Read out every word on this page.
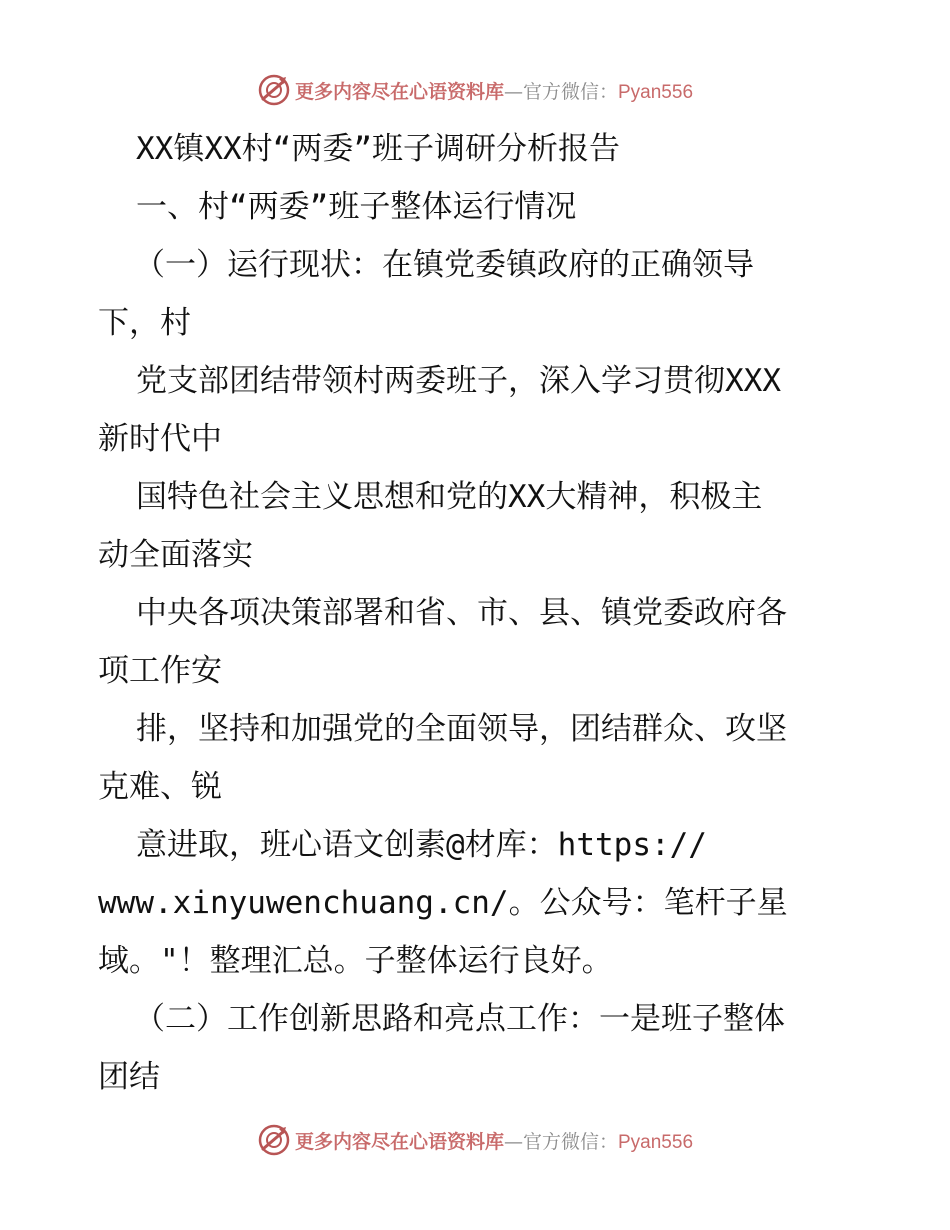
更多内容尽在心语资料库—官方微信：Pyan556
XX镇XX村“两委”班子调研分析报告
一、村“两委”班子整体运行情况
（一）运行现状：在镇党委镇政府的正确领导
下，村
党支部团结带领村两委班子，深入学习贯彻XXX
新时代中
国特色社会主义思想和党的XX大精神，积极主
动全面落实
中央各项决策部署和省、市、县、镇党委政府各
项工作安
排，坚持和加强党的全面领导，团结群众、攻坚
克难、锐
意进取，班心语文创素@材库：https://
www.xinyuwenchuang.cn/。公众号：笔杆子星
域。"！整理汇总。子整体运行良好。
（二）工作创新思路和亮点工作：一是班子整体
团结
更多内容尽在心语资料库—官方微信：Pyan556
